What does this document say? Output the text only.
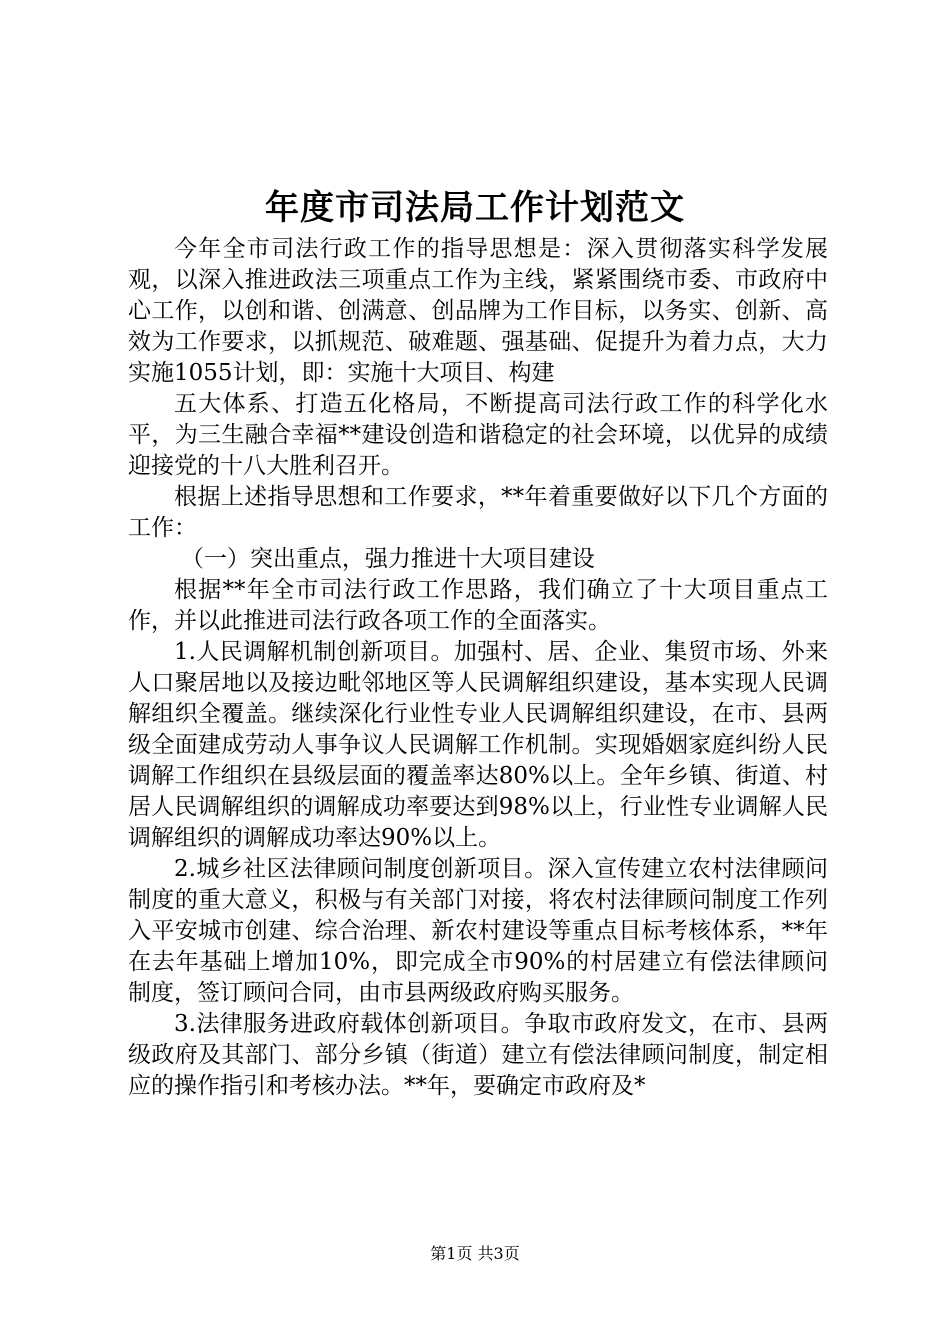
年度市司法局工作计划范文

今年全市司法行政工作的指导思想是：深入贯彻落实科学发展观，以深入推进政法三项重点工作为主线，紧紧围绕市委、市政府中心工作，以创和谐、创满意、创品牌为工作目标，以务实、创新、高效为工作要求，以抓规范、破难题、强基础、促提升为着力点，大力实施1055计划，即：实施十大项目、构建

五大体系、打造五化格局，不断提高司法行政工作的科学化水平，为三生融合幸福**建设创造和谐稳定的社会环境，以优异的成绩迎接党的十八大胜利召开。

根据上述指导思想和工作要求，**年着重要做好以下几个方面的工作：

（一）突出重点，强力推进十大项目建设

根据**年全市司法行政工作思路，我们确立了十大项目重点工作，并以此推进司法行政各项工作的全面落实。

1.人民调解机制创新项目。加强村、居、企业、集贸市场、外来人口聚居地以及接边毗邻地区等人民调解组织建设，基本实现人民调解组织全覆盖。继续深化行业性专业人民调解组织建设，在市、县两级全面建成劳动人事争议人民调解工作机制。实现婚姻家庭纠纷人民调解工作组织在县级层面的覆盖率达80%以上。全年乡镇、街道、村居人民调解组织的调解成功率要达到98%以上，行业性专业调解人民调解组织的调解成功率达90%以上。

2.城乡社区法律顾问制度创新项目。深入宣传建立农村法律顾问制度的重大意义，积极与有关部门对接，将农村法律顾问制度工作列入平安城市创建、综合治理、新农村建设等重点目标考核体系，**年在去年基础上增加10%，即完成全市90%的村居建立有偿法律顾问制度，签订顾问合同，由市县两级政府购买服务。

3.法律服务进政府载体创新项目。争取市政府发文，在市、县两级政府及其部门、部分乡镇（街道）建立有偿法律顾问制度，制定相应的操作指引和考核办法。**年，要确定市政府及*

第1页 共3页
